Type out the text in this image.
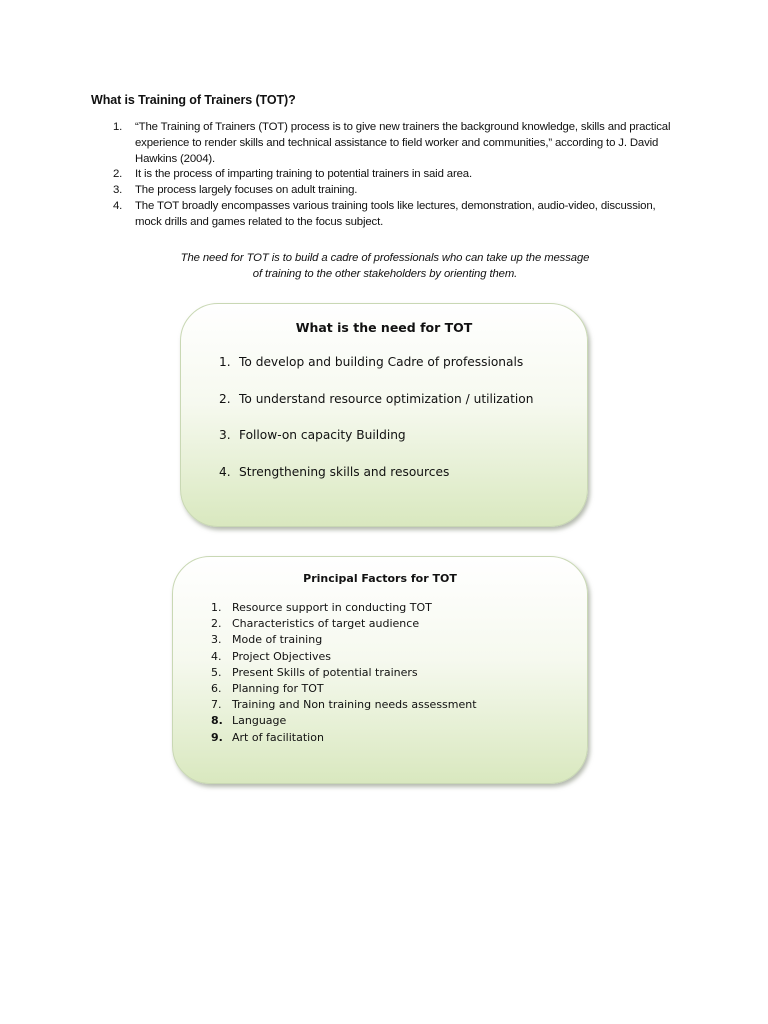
What is Training of Trainers (TOT)?
1. “The Training of Trainers (TOT) process is to give new trainers the background knowledge, skills and practical experience to render skills and technical assistance to field worker and communities,” according to J. David Hawkins (2004).
2. It is the process of imparting training to potential trainers in said area.
3. The process largely focuses on adult training.
4. The TOT broadly encompasses various training tools like lectures, demonstration, audio-video, discussion, mock drills and games related to the focus subject.
The need for TOT is to build a cadre of professionals who can take up the message
of training to the other stakeholders by orienting them.

What is the need for TOT

1. To develop and building Cadre of professionals
2. To understand resource optimization / utilization
3. Follow-on capacity Building
4. Strengthening skills and resources

Principal Factors for TOT

1. Resource support in conducting TOT
2. Characteristics of target audience
3. Mode of training
4. Project Objectives
5. Present Skills of potential trainers
6. Planning for TOT
7. Training and Non training needs assessment
8. Language
9. Art of facilitation
